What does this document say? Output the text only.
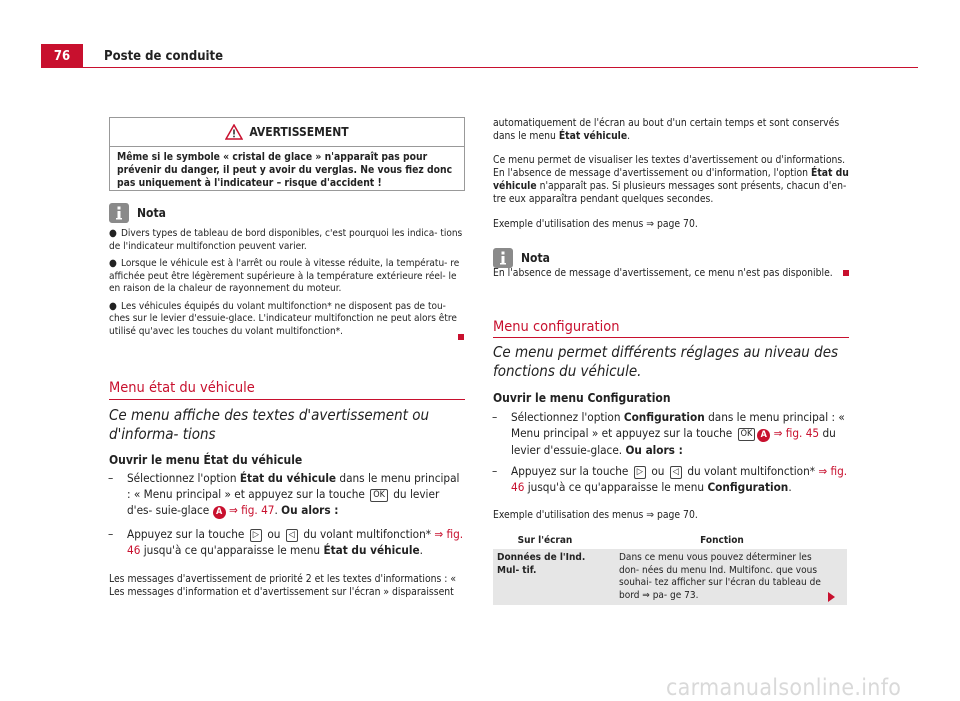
76	Poste de conduite
AVERTISSEMENT
Même si le symbole « cristal de glace » n'apparaît pas pour prévenir du danger, il peut y avoir du verglas. Ne vous fiez donc pas uniquement à l'indicateur – risque d'accident !
Nota
● Divers types de tableau de bord disponibles, c'est pourquoi les indica- tions de l'indicateur multifonction peuvent varier.
● Lorsque le véhicule est à l'arrêt ou roule à vitesse réduite, la températu- re affichée peut être légèrement supérieure à la température extérieure réel- le en raison de la chaleur de rayonnement du moteur.
● Les véhicules équipés du volant multifonction* ne disposent pas de tou- ches sur le levier d'essuie-glace. L'indicateur multifonction ne peut alors être utilisé qu'avec les touches du volant multifonction*.
Menu état du véhicule
Ce menu affiche des textes d'avertissement ou d'informa- tions
Ouvrir le menu État du véhicule
– Sélectionnez l'option État du véhicule dans le menu principal : « Menu principal » et appuyez sur la touche OK du levier d'es- suie-glace A ⇒ fig. 47. Ou alors :
– Appuyez sur la touche ▷ ou ◁ du volant multifonction* ⇒ fig. 46 jusqu'à ce qu'apparaisse le menu État du véhicule.
Les messages d'avertissement de priorité 2 et les textes d'informations : « Les messages d'information et d'avertissement sur l'écran » disparaissent
automatiquement de l'écran au bout d'un certain temps et sont conservés dans le menu État véhicule.
Ce menu permet de visualiser les textes d'avertissement ou d'informations. En l'absence de message d'avertissement ou d'information, l'option État du véhicule n'apparaît pas. Si plusieurs messages sont présents, chacun d'en- tre eux apparaîtra pendant quelques secondes.
Exemple d'utilisation des menus ⇒ page 70.
Nota
En l'absence de message d'avertissement, ce menu n'est pas disponible.
Menu configuration
Ce menu permet différents réglages au niveau des fonctions du véhicule.
Ouvrir le menu Configuration
– Sélectionnez l'option Configuration dans le menu principal : « Menu principal » et appuyez sur la touche OK A ⇒ fig. 45 du levier d'essuie-glace. Ou alors :
– Appuyez sur la touche ▷ ou ◁ du volant multifonction* ⇒ fig. 46 jusqu'à ce qu'apparaisse le menu Configuration.
Exemple d'utilisation des menus ⇒ page 70.
Sur l'écran	Fonction
Données de l'Ind. Mul- tif.
Dans ce menu vous pouvez déterminer les don- nées du menu Ind. Multifonc. que vous souhai- tez afficher sur l'écran du tableau de bord ⇒ pa- ge 73.
carmanualsonline.info
